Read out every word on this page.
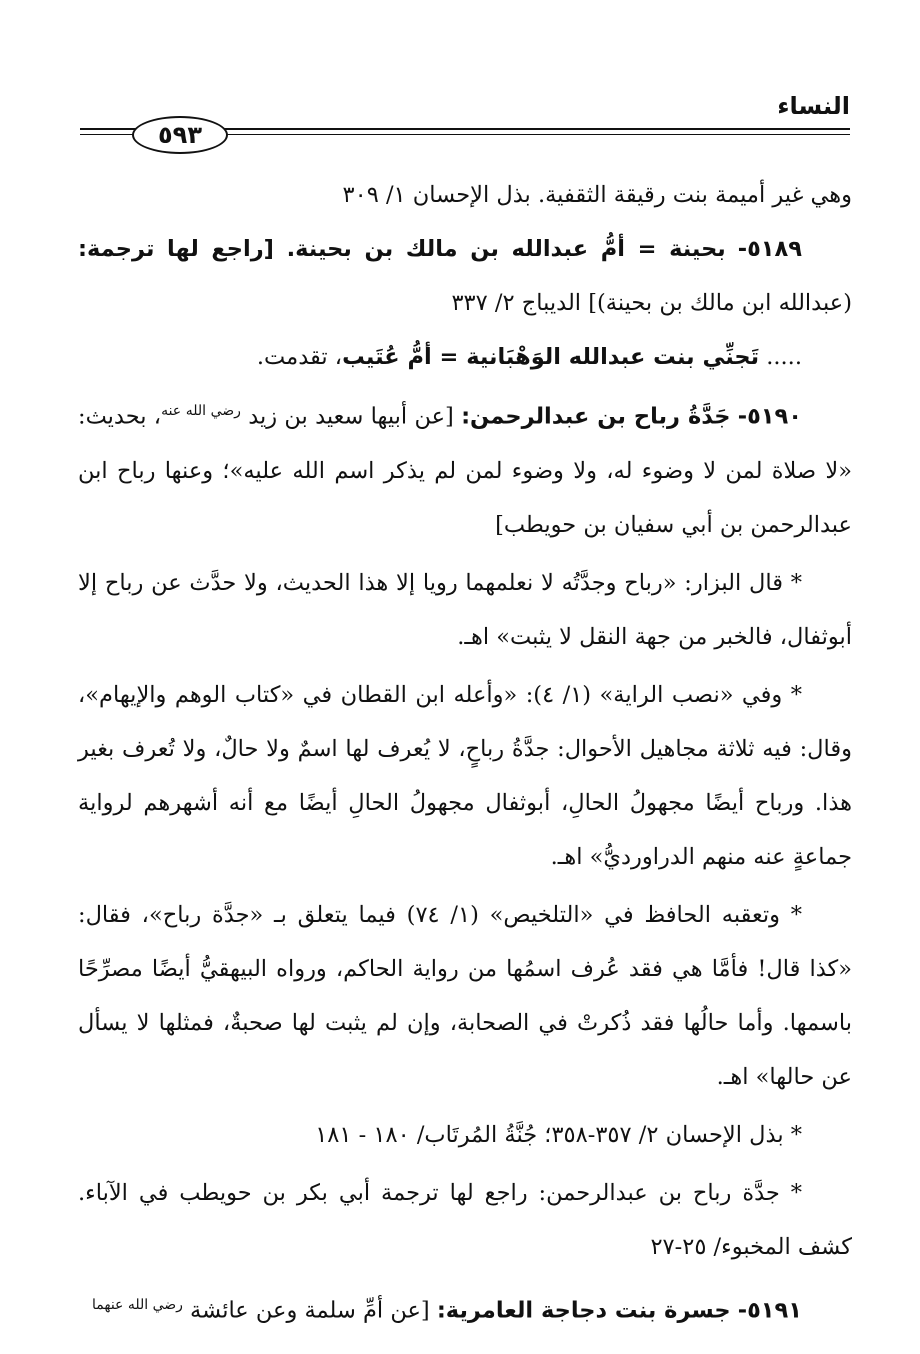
النساء
٥٩٣

وهي غير أميمة بنت رقيقة الثقفية. بذل الإحسان ١/ ٣٠٩

٥١٨٩- بحينة = أمُّ عبدالله بن مالك بن بحينة. [راجع لها ترجمة: (عبدالله ابن مالك بن بحينة)] الديباج ٢/ ٣٣٧

..... تَجنِّي بنت عبدالله الوَهْبَانية = أمُّ عُتَيب، تقدمت.

٥١٩٠- جَدَّةُ رباح بن عبدالرحمن: [عن أبيها سعيد بن زيد $^{رضي الله عنه}$، بحديث: «لا صلاة لمن لا وضوء له، ولا وضوء لمن لم يذكر اسم الله عليه»؛ وعنها رباح ابن عبدالرحمن بن أبي سفيان بن حويطب]

* قال البزار: «رباح وجدَّتُه لا نعلمهما رويا إلا هذا الحديث، ولا حدَّث عن رباح إلا أبوثفال، فالخبر من جهة النقل لا يثبت» اهـ.

* وفي «نصب الراية» (١/ ٤): «وأعله ابن القطان في «كتاب الوهم والإيهام»، وقال: فيه ثلاثة مجاهيل الأحوال: جدَّةُ رباحٍ، لا يُعرف لها اسمٌ ولا حالٌ، ولا تُعرف بغير هذا. ورباح أيضًا مجهولُ الحالِ، أبوثفال مجهولُ الحالِ أيضًا مع أنه أشهرهم لرواية جماعةٍ عنه منهم الدراورديُّ» اهـ.

* وتعقبه الحافظ في «التلخيص» (١/ ٧٤) فيما يتعلق بـ «جدَّة رباح»، فقال: «كذا قال! فأمَّا هي فقد عُرف اسمُها من رواية الحاكم، ورواه البيهقيُّ أيضًا مصرِّحًا باسمها. وأما حالُها فقد ذُكرتْ في الصحابة، وإن لم يثبت لها صحبةٌ، فمثلها لا يسأل عن حالها» اهـ.

* بذل الإحسان ٢/ ٣٥٧-٣٥٨؛ جُنَّةُ المُرتَاب/ ١٨٠ - ١٨١

* جدَّة رباح بن عبدالرحمن: راجع لها ترجمة أبي بكر بن حويطب في الآباء. كشف المخبوء/ ٢٥-٢٧

٥١٩١- جسرة بنت دجاجة العامرية: [عن أمِّ سلمة وعن عائشة $^{رضي الله عنهما}$
